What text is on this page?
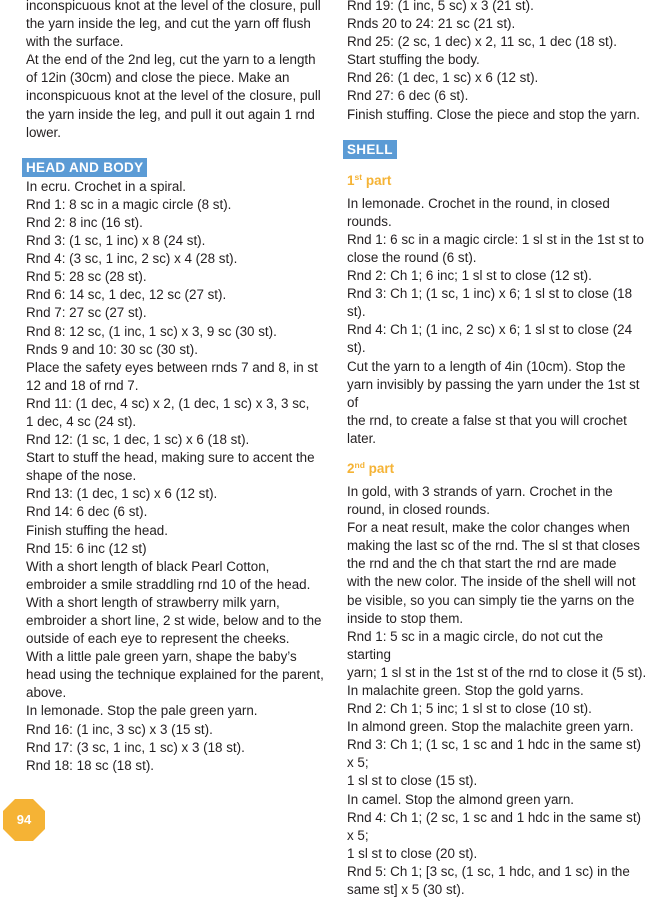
inconspicuous knot at the level of the closure, pull

the yarn inside the leg, and cut the yarn off flush

with the surface.

At the end of the 2nd leg, cut the yarn to a length

of 12in (30cm) and close the piece. Make an

inconspicuous knot at the level of the closure, pull

the yarn inside the leg, and pull it out again 1 rnd

lower.

HEAD AND BODY

In ecru. Crochet in a spiral.

Rnd 1: 8 sc in a magic circle (8 st).

Rnd 2: 8 inc (16 st).

Rnd 3: (1 sc, 1 inc) x 8 (24 st).

Rnd 4: (3 sc, 1 inc, 2 sc) x 4 (28 st).

Rnd 5: 28 sc (28 st).

Rnd 6: 14 sc, 1 dec, 12 sc (27 st).

Rnd 7: 27 sc (27 st).

Rnd 8: 12 sc, (1 inc, 1 sc) x 3, 9 sc (30 st).

Rnds 9 and 10: 30 sc (30 st).

Place the safety eyes between rnds 7 and 8, in st

12 and 18 of rnd 7.

Rnd 11: (1 dec, 4 sc) x 2, (1 dec, 1 sc) x 3, 3 sc,

1 dec, 4 sc (24 st).

Rnd 12: (1 sc, 1 dec, 1 sc) x 6 (18 st).

Start to stuff the head, making sure to accent the

shape of the nose.

Rnd 13: (1 dec, 1 sc) x 6 (12 st).

Rnd 14: 6 dec (6 st).

Finish stuffing the head.

Rnd 15: 6 inc (12 st)

With a short length of black Pearl Cotton,

embroider a smile straddling rnd 10 of the head.

With a short length of strawberry milk yarn,

embroider a short line, 2 st wide, below and to the

outside of each eye to represent the cheeks.

With a little pale green yarn, shape the baby’s

head using the technique explained for the parent,

above.

In lemonade. Stop the pale green yarn.

Rnd 16: (1 inc, 3 sc) x 3 (15 st).

Rnd 17: (3 sc, 1 inc, 1 sc) x 3 (18 st).

Rnd 18: 18 sc (18 st).

Rnd 19: (1 inc, 5 sc) x 3 (21 st).

Rnds 20 to 24: 21 sc (21 st).

Rnd 25: (2 sc, 1 dec) x 2, 11 sc, 1 dec (18 st).

Start stuffing the body.

Rnd 26: (1 dec, 1 sc) x 6 (12 st).

Rnd 27: 6 dec (6 st).

Finish stuffing. Close the piece and stop the yarn.

SHELL
1st part

In lemonade. Crochet in the round, in closed

rounds.

Rnd 1: 6 sc in a magic circle: 1 sl st in the 1st st to

close the round (6 st).

Rnd 2: Ch 1; 6 inc; 1 sl st to close (12 st).

Rnd 3: Ch 1; (1 sc, 1 inc) x 6; 1 sl st to close (18 st).

Rnd 4: Ch 1; (1 inc, 2 sc) x 6; 1 sl st to close (24 st).

Cut the yarn to a length of 4in (10cm). Stop the

yarn invisibly by passing the yarn under the 1st st of

the rnd, to create a false st that you will crochet later.

2nd part

In gold, with 3 strands of yarn. Crochet in the

round, in closed rounds.

For a neat result, make the color changes when

making the last sc of the rnd. The sl st that closes

the rnd and the ch that start the rnd are made

with the new color. The inside of the shell will not

be visible, so you can simply tie the yarns on the

inside to stop them.

Rnd 1: 5 sc in a magic circle, do not cut the starting

yarn; 1 sl st in the 1st st of the rnd to close it (5 st).

In malachite green. Stop the gold yarns.

Rnd 2: Ch 1; 5 inc; 1 sl st to close (10 st).

In almond green. Stop the malachite green yarn.

Rnd 3: Ch 1; (1 sc, 1 sc and 1 hdc in the same st) x 5;

1 sl st to close (15 st).

In camel. Stop the almond green yarn.

Rnd 4: Ch 1; (2 sc, 1 sc and 1 hdc in the same st) x 5;

1 sl st to close (20 st).

Rnd 5: Ch 1; [3 sc, (1 sc, 1 hdc, and 1 sc) in the

same st] x 5 (30 st).

94
